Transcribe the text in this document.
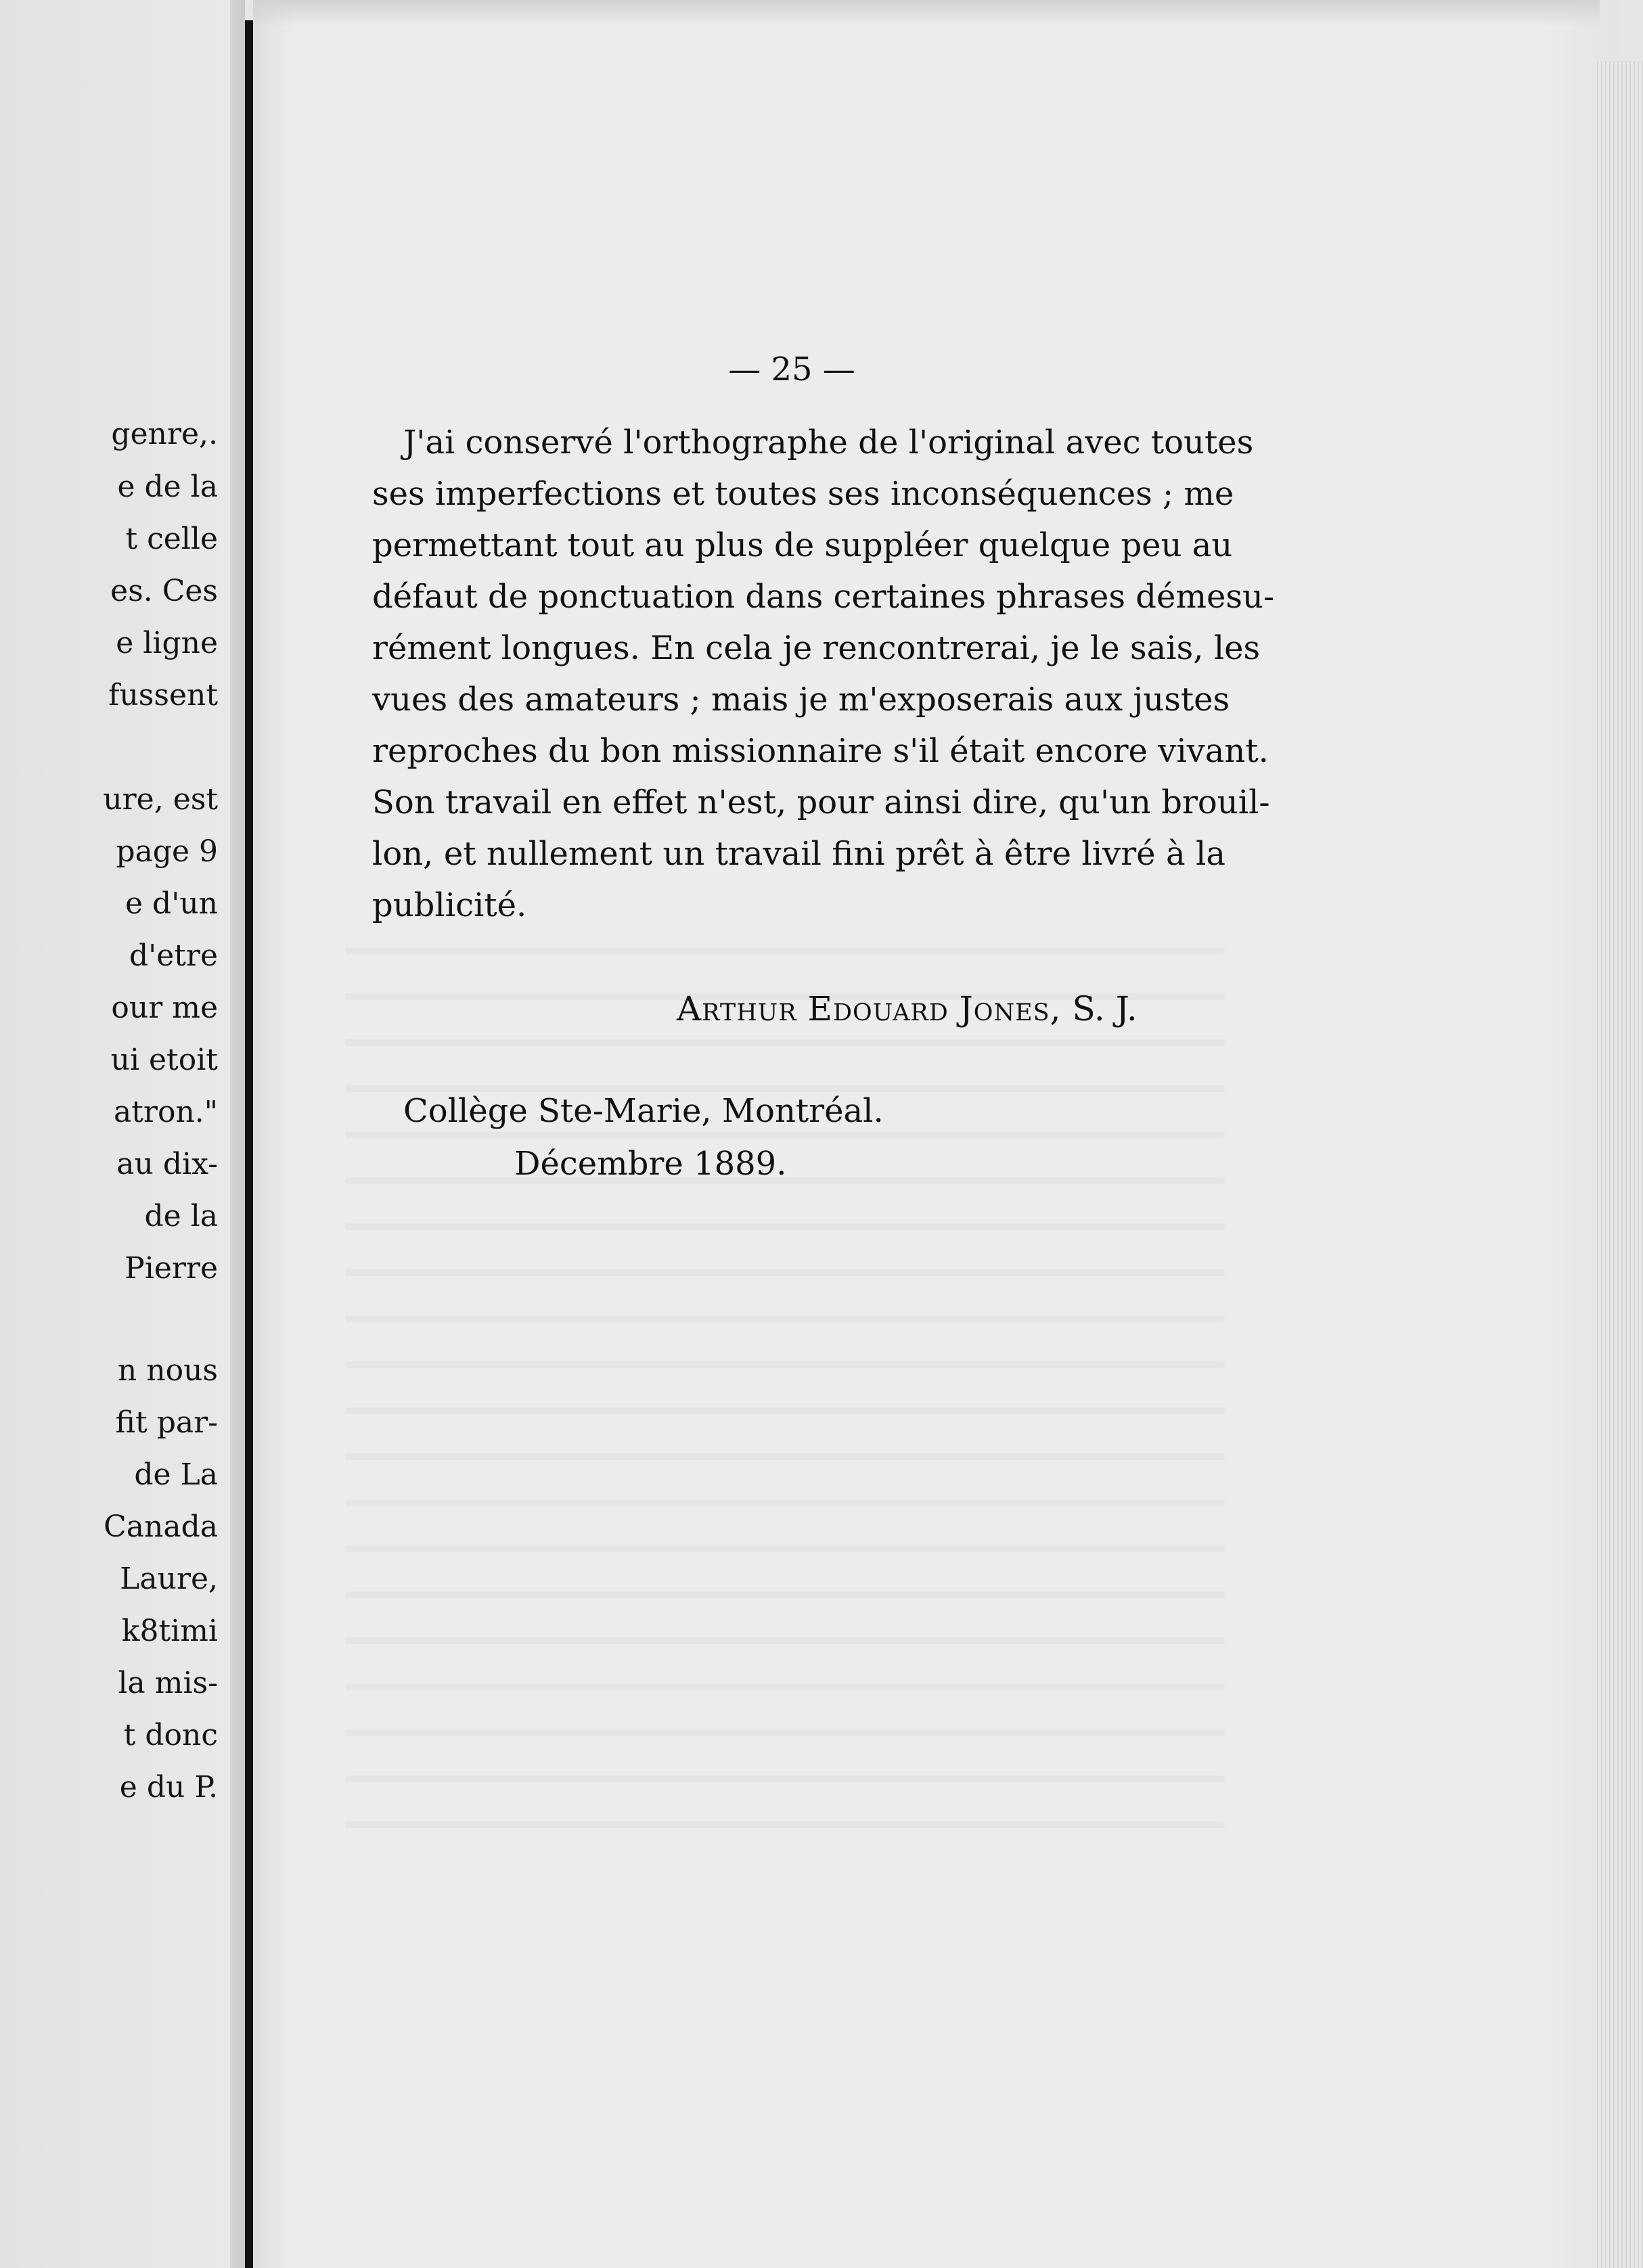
genre,.
e de la
t celle
es. Ces
e ligne
fussent
ure, est
page 9
e d'un
d'etre
our me
ui etoit
atron."
au dix-
de la
Pierre
n nous
fit par-
de La
Canada
Laure,
k8timi
la mis-
t donc
e du P.
— 25 —
J'ai conservé l'orthographe de l'original avec toutes
ses imperfections et toutes ses inconséquences ; me
permettant tout au plus de suppléer quelque peu au
défaut de ponctuation dans certaines phrases démesu-
rément longues. En cela je rencontrerai, je le sais, les
vues des amateurs ; mais je m'exposerais aux justes
reproches du bon missionnaire s'il était encore vivant.
Son travail en effet n'est, pour ainsi dire, qu'un brouil-
lon, et nullement un travail fini prêt à être livré à la
publicité.
Arthur Edouard Jones, S. J.
Collège Ste-Marie, Montréal.
Décembre 1889.
